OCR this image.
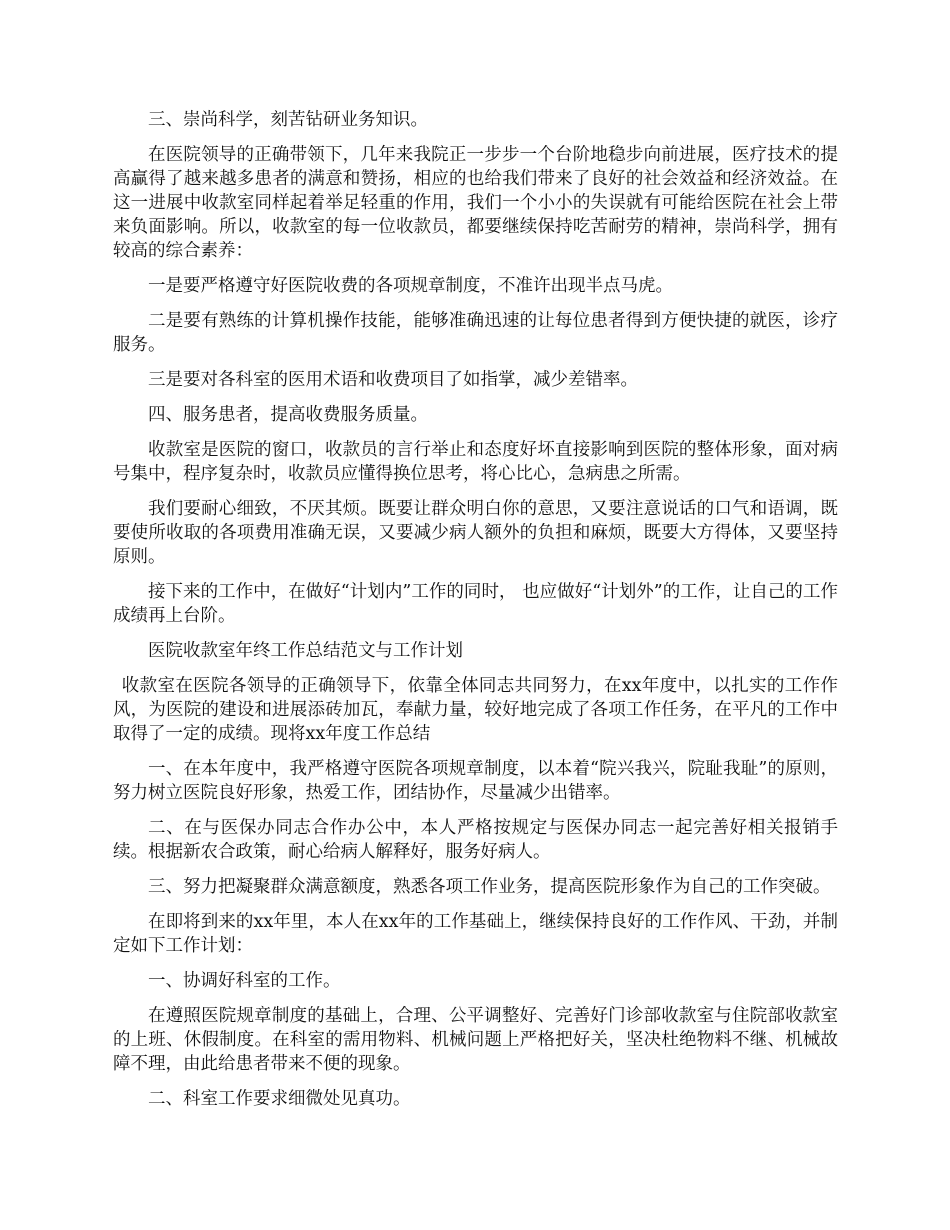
三、崇尚科学，刻苦钻研业务知识。

在医院领导的正确带领下，几年来我院正一步步一个台阶地稳步向前进展，医疗技术的提高赢得了越来越多患者的满意和赞扬，相应的也给我们带来了良好的社会效益和经济效益。在这一进展中收款室同样起着举足轻重的作用，我们一个小小的失误就有可能给医院在社会上带来负面影响。所以，收款室的每一位收款员，都要继续保持吃苦耐劳的精神，崇尚科学，拥有较高的综合素养：

一是要严格遵守好医院收费的各项规章制度，不准许出现半点马虎。

二是要有熟练的计算机操作技能，能够准确迅速的让每位患者得到方便快捷的就医，诊疗服务。

三是要对各科室的医用术语和收费项目了如指掌，减少差错率。

四、服务患者，提高收费服务质量。

收款室是医院的窗口，收款员的言行举止和态度好坏直接影响到医院的整体形象，面对病号集中，程序复杂时，收款员应懂得换位思考，将心比心，急病患之所需。

我们要耐心细致，不厌其烦。既要让群众明白你的意思，又要注意说话的口气和语调，既要使所收取的各项费用准确无误，又要减少病人额外的负担和麻烦，既要大方得体，又要坚持原则。

接下来的工作中，在做好“计划内”工作的同时， 也应做好“计划外”的工作，让自己的工作成绩再上台阶。

医院收款室年终工作总结范文与工作计划

收款室在医院各领导的正确领导下，依靠全体同志共同努力，在xx年度中，以扎实的工作作风，为医院的建设和进展添砖加瓦，奉献力量，较好地完成了各项工作任务，在平凡的工作中取得了一定的成绩。现将xx年度工作总结

一、在本年度中，我严格遵守医院各项规章制度，以本着“院兴我兴，院耻我耻”的原则，努力树立医院良好形象，热爱工作，团结协作，尽量减少出错率。

二、在与医保办同志合作办公中，本人严格按规定与医保办同志一起完善好相关报销手续。根据新农合政策，耐心给病人解释好，服务好病人。

三、努力把凝聚群众满意额度，熟悉各项工作业务，提高医院形象作为自己的工作突破。

在即将到来的xx年里，本人在xx年的工作基础上，继续保持良好的工作作风、干劲，并制定如下工作计划：

一、协调好科室的工作。

在遵照医院规章制度的基础上，合理、公平调整好、完善好门诊部收款室与住院部收款室的上班、休假制度。在科室的需用物料、机械问题上严格把好关，坚决杜绝物料不继、机械故障不理，由此给患者带来不便的现象。

二、科室工作要求细微处见真功。
